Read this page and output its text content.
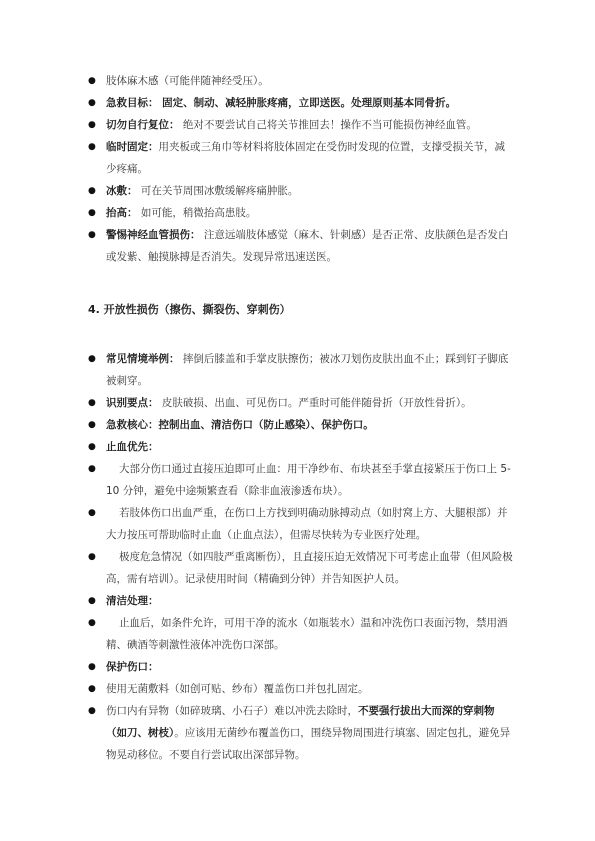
● 肢体麻木感（可能伴随神经受压）。
● 急救目标： 固定、制动、减轻肿胀疼痛，立即送医。处理原则基本同骨折。
● 切勿自行复位： 绝对不要尝试自己将关节推回去！操作不当可能损伤神经血管。
● 临时固定：用夹板或三角巾等材料将肢体固定在受伤时发现的位置，支撑受损关节，减少疼痛。
● 冰敷： 可在关节周围冰敷缓解疼痛肿胀。
● 抬高： 如可能，稍微抬高患肢。
● 警惕神经血管损伤： 注意远端肢体感觉（麻木、针刺感）是否正常、皮肤颜色是否发白或发紫、触摸脉搏是否消失。发现异常迅速送医。
4. 开放性损伤（擦伤、撕裂伤、穿刺伤）
● 常见情境举例： 摔倒后膝盖和手掌皮肤擦伤；被冰刀划伤皮肤出血不止；踩到钉子脚底被刺穿。
● 识别要点： 皮肤破损、出血、可见伤口。严重时可能伴随骨折（开放性骨折）。
● 急救核心：控制出血、清洁伤口（防止感染）、保护伤口。
● 止血优先：
● 大部分伤口通过直接压迫即可止血：用干净纱布、布块甚至手掌直接紧压于伤口上 5-10 分钟，避免中途频繁查看（除非血液渗透布块）。
● 若肢体伤口出血严重，在伤口上方找到明确动脉搏动点（如肘窝上方、大腿根部）并大力按压可帮助临时止血（止血点法），但需尽快转为专业医疗处理。
● 极度危急情况（如四肢严重离断伤），且直接压迫无效情况下可考虑止血带（但风险极高，需有培训）。记录使用时间（精确到分钟）并告知医护人员。
● 清洁处理：
● 止血后，如条件允许，可用干净的流水（如瓶装水）温和冲洗伤口表面污物，禁用酒精、碘酒等刺激性液体冲洗伤口深部。
● 保护伤口：
● 使用无菌敷料（如创可贴、纱布）覆盖伤口并包扎固定。
● 伤口内有异物（如碎玻璃、小石子）难以冲洗去除时，不要强行拔出大而深的穿刺物（如刀、树枝）。应该用无菌纱布覆盖伤口，围绕异物周围进行填塞、固定包扎，避免异物晃动移位。不要自行尝试取出深部异物。
